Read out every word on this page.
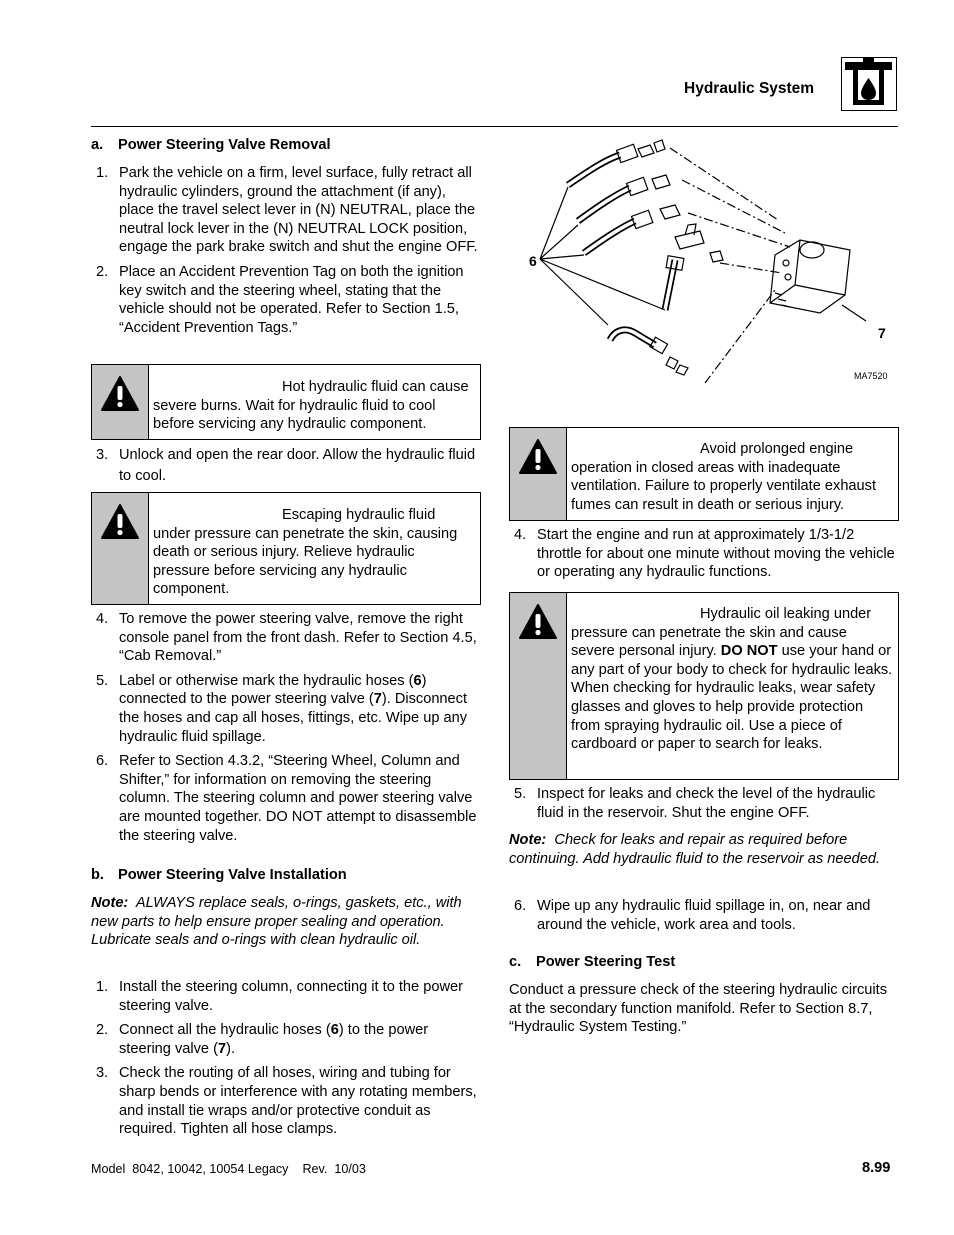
Hydraulic System
a. Power Steering Valve Removal
1. Park the vehicle on a firm, level surface, fully retract all hydraulic cylinders, ground the attachment (if any), place the travel select lever in (N) NEUTRAL, place the neutral lock lever in the (N) NEUTRAL LOCK position, engage the park brake switch and shut the engine OFF.
2. Place an Accident Prevention Tag on both the ignition key switch and the steering wheel, stating that the vehicle should not be operated. Refer to Section 1.5, “Accident Prevention Tags.”
Hot hydraulic fluid can cause severe burns. Wait for hydraulic fluid to cool before servicing any hydraulic component.
3. Unlock and open the rear door. Allow the hydraulic fluid to cool.
Escaping hydraulic fluid under pressure can penetrate the skin, causing death or serious injury. Relieve hydraulic pressure before servicing any hydraulic component.
4. To remove the power steering valve, remove the right console panel from the front dash. Refer to Section 4.5, “Cab Removal.”
5. Label or otherwise mark the hydraulic hoses (6) connected to the power steering valve (7). Disconnect the hoses and cap all hoses, fittings, etc. Wipe up any hydraulic fluid spillage.
6. Refer to Section 4.3.2, “Steering Wheel, Column and Shifter,” for information on removing the steering column. The steering column and power steering valve are mounted together. DO NOT attempt to disassemble the steering valve.
b. Power Steering Valve Installation

Note: ALWAYS replace seals, o-rings, gaskets, etc., with new parts to help ensure proper sealing and operation. Lubricate seals and o-rings with clean hydraulic oil.

1. Install the steering column, connecting it to the power steering valve.
2. Connect all the hydraulic hoses (6) to the power steering valve (7).
3. Check the routing of all hoses, wiring and tubing for sharp bends or interference with any rotating members, and install tie wraps and/or protective conduit as required. Tighten all hose clamps.
6
7
MA7520
Avoid prolonged engine operation in closed areas with inadequate ventilation. Failure to properly ventilate exhaust fumes can result in death or serious injury.
4. Start the engine and run at approximately 1/3-1/2 throttle for about one minute without moving the vehicle or operating any hydraulic functions.
Hydraulic oil leaking under pressure can penetrate the skin and cause severe personal injury. DO NOT use your hand or any part of your body to check for hydraulic leaks. When checking for hydraulic leaks, wear safety glasses and gloves to help provide protection from spraying hydraulic oil. Use a piece of cardboard or paper to search for leaks.
5. Inspect for leaks and check the level of the hydraulic fluid in the reservoir. Shut the engine OFF.

Note: Check for leaks and repair as required before continuing. Add hydraulic fluid to the reservoir as needed.

6. Wipe up any hydraulic fluid spillage in, on, near and around the vehicle, work area and tools.
c. Power Steering Test

Conduct a pressure check of the steering hydraulic circuits at the secondary function manifold. Refer to Section 8.7, “Hydraulic System Testing.”

Model  8042, 10042, 10054 Legacy    Rev.  10/03	8.99
